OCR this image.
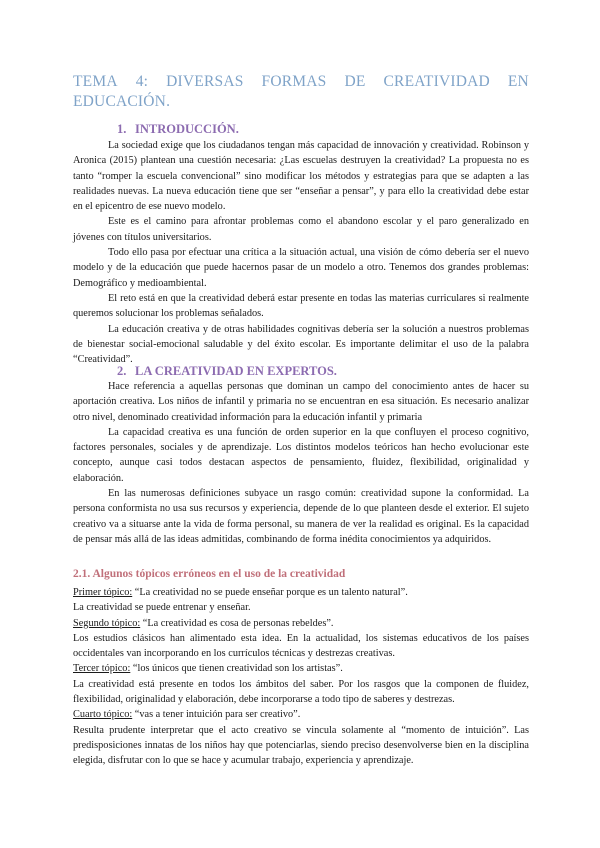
TEMA 4: DIVERSAS FORMAS DE CREATIVIDAD EN
EDUCACIÓN.
1. INTRODUCCIÓN.

La sociedad exige que los ciudadanos tengan más capacidad de innovación y creatividad. Robinson y Aronica (2015) plantean una cuestión necesaria: ¿Las escuelas destruyen la creatividad? La propuesta no es tanto “romper la escuela convencional” sino modificar los métodos y estrategias para que se adapten a las realidades nuevas. La nueva educación tiene que ser “enseñar a pensar”, y para ello la creatividad debe estar en el epicentro de ese nuevo modelo.

Este es el camino para afrontar problemas como el abandono escolar y el paro generalizado en jóvenes con títulos universitarios.

Todo ello pasa por efectuar una crítica a la situación actual, una visión de cómo debería ser el nuevo modelo y de la educación que puede hacernos pasar de un modelo a otro. Tenemos dos grandes problemas: Demográfico y medioambiental.

El reto está en que la creatividad deberá estar presente en todas las materias curriculares si realmente queremos solucionar los problemas señalados.

La educación creativa y de otras habilidades cognitivas debería ser la solución a nuestros problemas de bienestar social-emocional saludable y del éxito escolar. Es importante delimitar el uso de la palabra “Creatividad”.

2. LA CREATIVIDAD EN EXPERTOS.

Hace referencia a aquellas personas que dominan un campo del conocimiento antes de hacer su aportación creativa. Los niños de infantil y primaria no se encuentran en esa situación. Es necesario analizar otro nivel, denominado creatividad información para la educación infantil y primaria

La capacidad creativa es una función de orden superior en la que confluyen el proceso cognitivo, factores personales, sociales y de aprendizaje. Los distintos modelos teóricos han hecho evolucionar este concepto, aunque casi todos destacan aspectos de pensamiento, fluidez, flexibilidad, originalidad y elaboración.

En las numerosas definiciones subyace un rasgo común: creatividad supone la conformidad. La persona conformista no usa sus recursos y experiencia, depende de lo que planteen desde el exterior. El sujeto creativo va a situarse ante la vida de forma personal, su manera de ver la realidad es original. Es la capacidad de pensar más allá de las ideas admitidas, combinando de forma inédita conocimientos ya adquiridos.

2.1. Algunos tópicos erróneos en el uso de la creatividad

Primer tópico: “La creatividad no se puede enseñar porque es un talento natural”.

La creatividad se puede entrenar y enseñar.

Segundo tópico: “La creatividad es cosa de personas rebeldes”.

Los estudios clásicos han alimentado esta idea. En la actualidad, los sistemas educativos de los países occidentales van incorporando en los currículos técnicas y destrezas creativas.

Tercer tópico: “los únicos que tienen creatividad son los artistas”.

La creatividad está presente en todos los ámbitos del saber. Por los rasgos que la componen de fluidez, flexibilidad, originalidad y elaboración, debe incorporarse a todo tipo de saberes y destrezas.

Cuarto tópico: “vas a tener intuición para ser creativo”.

Resulta prudente interpretar que el acto creativo se vincula solamente al “momento de intuición”. Las predisposiciones innatas de los niños hay que potenciarlas, siendo preciso desenvolverse bien en la disciplina elegida, disfrutar con lo que se hace y acumular trabajo, experiencia y aprendizaje.
